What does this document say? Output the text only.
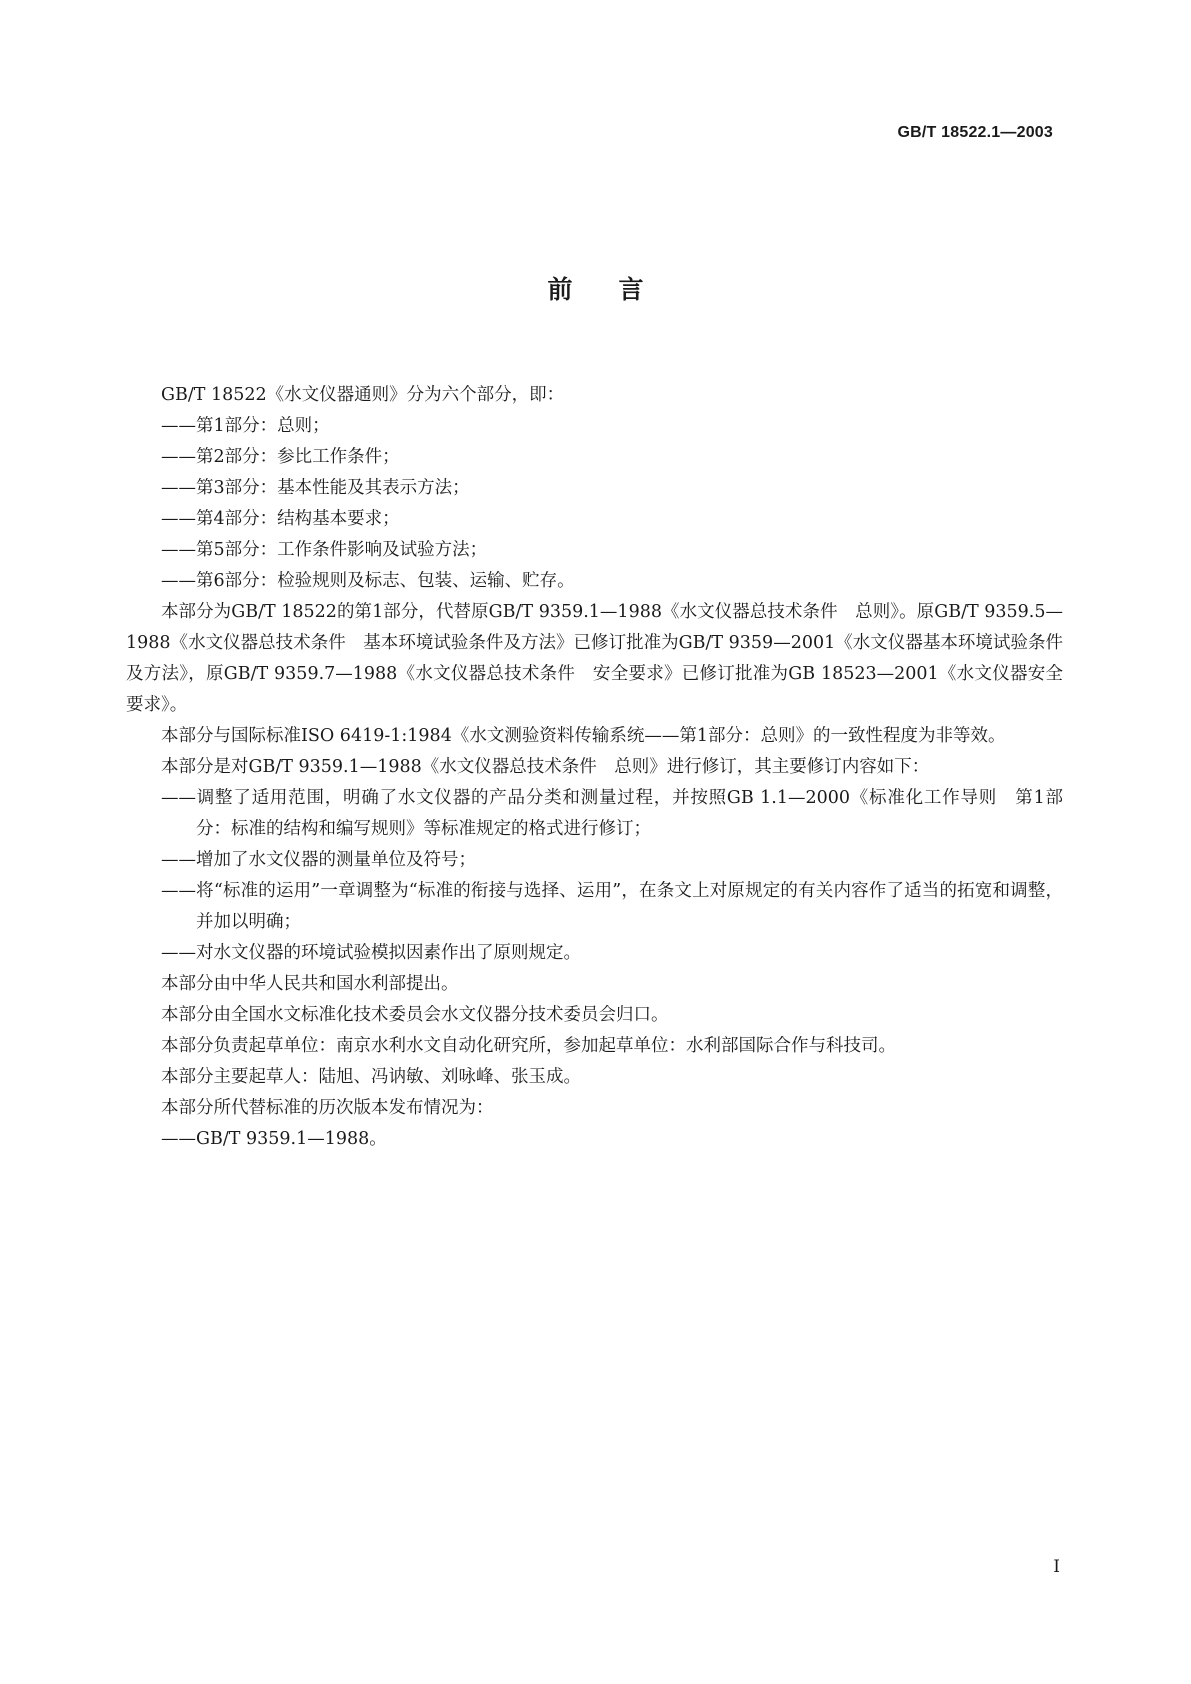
GB/T 18522.1—2003
前言

GB/T 18522《水文仪器通则》分为六个部分，即：

——第1部分：总则；

——第2部分：参比工作条件；

——第3部分：基本性能及其表示方法；

——第4部分：结构基本要求；

——第5部分：工作条件影响及试验方法；

——第6部分：检验规则及标志、包装、运输、贮存。

本部分为GB/T 18522的第1部分，代替原GB/T 9359.1—1988《水文仪器总技术条件　总则》。原GB/T 9359.5—1988《水文仪器总技术条件　基本环境试验条件及方法》已修订批准为GB/T 9359—2001《水文仪器基本环境试验条件及方法》，原GB/T 9359.7—1988《水文仪器总技术条件　安全要求》已修订批准为GB 18523—2001《水文仪器安全要求》。

本部分与国际标准ISO 6419-1:1984《水文测验资料传输系统——第1部分：总则》的一致性程度为非等效。

本部分是对GB/T 9359.1—1988《水文仪器总技术条件　总则》进行修订，其主要修订内容如下：

——调整了适用范围，明确了水文仪器的产品分类和测量过程，并按照GB 1.1—2000《标准化工作导则　第1部分：标准的结构和编写规则》等标准规定的格式进行修订；

——增加了水文仪器的测量单位及符号；

——将“标准的运用”一章调整为“标准的衔接与选择、运用”，在条文上对原规定的有关内容作了适当的拓宽和调整，并加以明确；

——对水文仪器的环境试验模拟因素作出了原则规定。

本部分由中华人民共和国水利部提出。

本部分由全国水文标准化技术委员会水文仪器分技术委员会归口。

本部分负责起草单位：南京水利水文自动化研究所，参加起草单位：水利部国际合作与科技司。

本部分主要起草人：陆旭、冯讷敏、刘咏峰、张玉成。

本部分所代替标准的历次版本发布情况为：

——GB/T 9359.1—1988。

I
